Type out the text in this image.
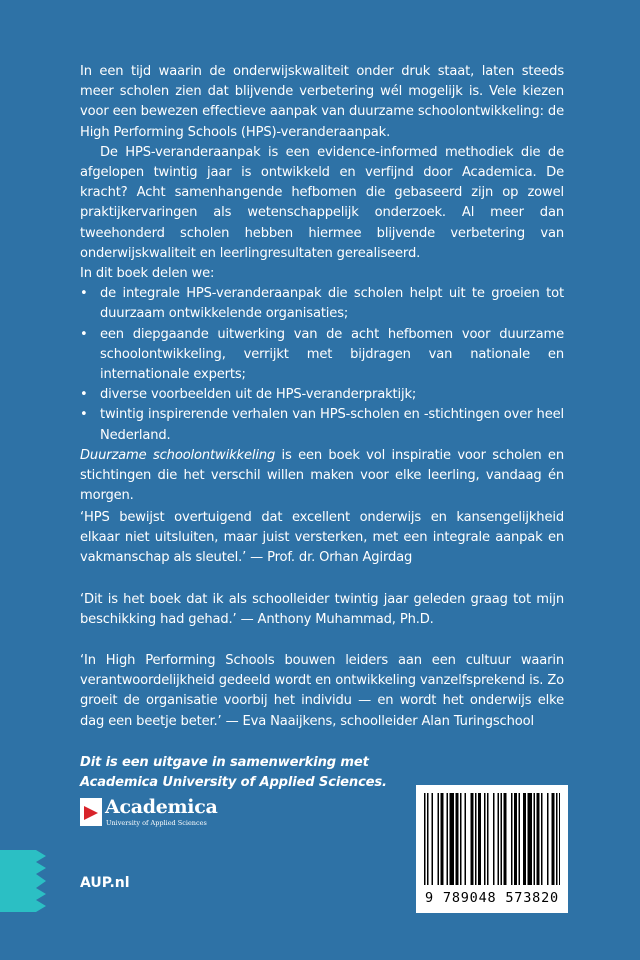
In een tijd waarin de onderwijskwaliteit onder druk staat, laten steeds meer scholen zien dat blijvende verbetering wél mogelijk is. Vele kiezen voor een bewezen effectieve aanpak van duurzame schoolontwikkeling: de High Performing Schools (HPS)-veranderaanpak.

De HPS-veranderaanpak is een evidence-informed methodiek die de afgelopen twintig jaar is ontwikkeld en verfijnd door Academica. De kracht? Acht samenhangende hefbomen die gebaseerd zijn op zowel praktijkervaringen als wetenschappelijk onderzoek. Al meer dan tweehonderd scholen hebben hiermee blijvende verbetering van onderwijskwaliteit en leerlingresultaten gerealiseerd.

In dit boek delen we:

• de integrale HPS-veranderaanpak die scholen helpt uit te groeien tot duurzaam ontwikkelende organisaties;
• een diepgaande uitwerking van de acht hefbomen voor duurzame schoolontwikkeling, verrijkt met bijdragen van nationale en internationale experts;
• diverse voorbeelden uit de HPS-veranderpraktijk;
• twintig inspirerende verhalen van HPS-scholen en -stichtingen over heel Nederland.

Duurzame schoolontwikkeling is een boek vol inspiratie voor scholen en stichtingen die het verschil willen maken voor elke leerling, vandaag én morgen.

‘HPS bewijst overtuigend dat excellent onderwijs en kansengelijkheid elkaar niet uitsluiten, maar juist versterken, met een integrale aanpak en vakmanschap als sleutel.’ — Prof. dr. Orhan Agirdag

‘Dit is het boek dat ik als schoolleider twintig jaar geleden graag tot mijn beschikking had gehad.’ — Anthony Muhammad, Ph.D.

‘In High Performing Schools bouwen leiders aan een cultuur waarin verantwoordelijkheid gedeeld wordt en ontwikkeling vanzelfsprekend is. Zo groeit de organisatie voorbij het individu — en wordt het onderwijs elke dag een beetje beter.’ — Eva Naaijkens, schoolleider Alan Turingschool

Dit is een uitgave in samenwerking met

Academica University of Applied Sciences.

Academica
University of Applied Sciences
AUP.nl
9 789048 573820
